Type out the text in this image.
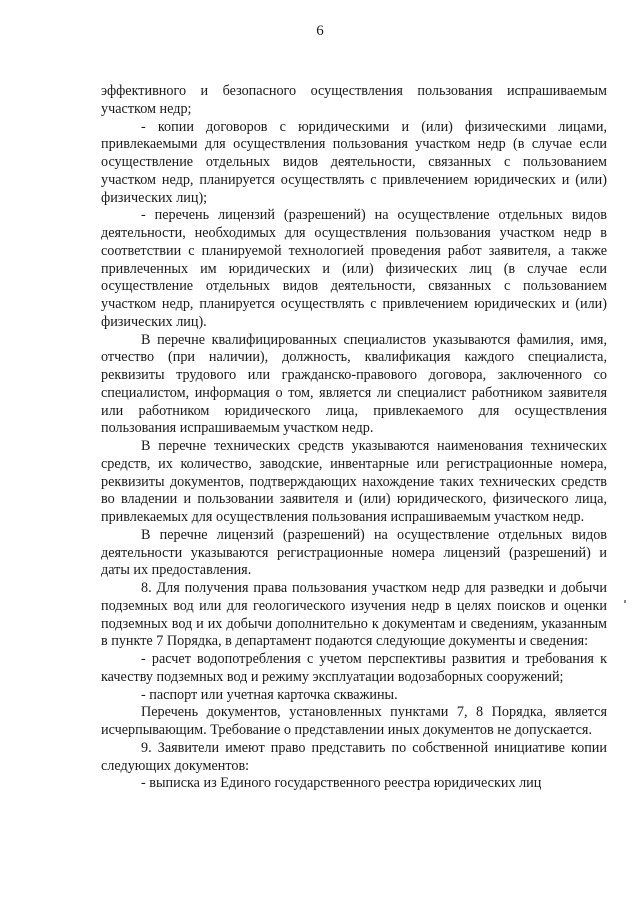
6

эффективного и безопасного осуществления пользования испрашиваемым участком недр;

- копии договоров с юридическими и (или) физическими лицами, привлекаемыми для осуществления пользования участком недр (в случае если осуществление отдельных видов деятельности, связанных с пользованием участком недр, планируется осуществлять с привлечением юридических и (или) физических лиц);

- перечень лицензий (разрешений) на осуществление отдельных видов деятельности, необходимых для осуществления пользования участком недр в соответствии с планируемой технологией проведения работ заявителя, а также привлеченных им юридических и (или) физических лиц (в случае если осуществление отдельных видов деятельности, связанных с пользованием участком недр, планируется осуществлять с привлечением юридических и (или) физических лиц).

В перечне квалифицированных специалистов указываются фамилия, имя, отчество (при наличии), должность, квалификация каждого специалиста, реквизиты трудового или гражданско-правового договора, заключенного со специалистом, информация о том, является ли специалист работником заявителя или работником юридического лица, привлекаемого для осуществления пользования испрашиваемым участком недр.

В перечне технических средств указываются наименования технических средств, их количество, заводские, инвентарные или регистрационные номера, реквизиты документов, подтверждающих нахождение таких технических средств во владении и пользовании заявителя и (или) юридического, физического лица, привлекаемых для осуществления пользования испрашиваемым участком недр.

В перечне лицензий (разрешений) на осуществление отдельных видов деятельности указываются регистрационные номера лицензий (разрешений) и даты их предоставления.

8. Для получения права пользования участком недр для разведки и добычи подземных вод или для геологического изучения недр в целях поисков и оценки подземных вод и их добычи дополнительно к документам и сведениям, указанным в пункте 7 Порядка, в департамент подаются следующие документы и сведения:

- расчет водопотребления с учетом перспективы развития и требования к качеству подземных вод и режиму эксплуатации водозаборных сооружений;

- паспорт или учетная карточка скважины.

Перечень документов, установленных пунктами 7, 8 Порядка, является исчерпывающим. Требование о представлении иных документов не допускается.

9. Заявители имеют право представить по собственной инициативе копии следующих документов:

- выписка из Единого государственного реестра юридических лиц
